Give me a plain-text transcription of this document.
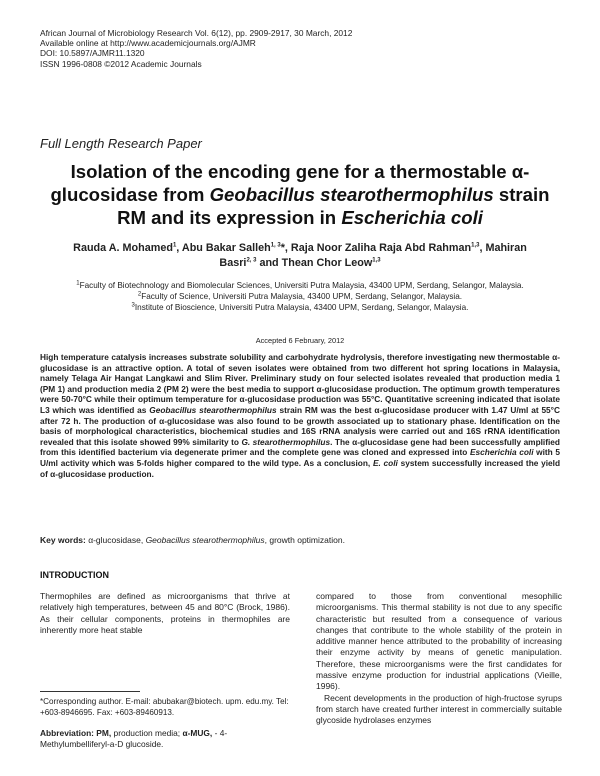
African Journal of Microbiology Research Vol. 6(12), pp. 2909-2917, 30 March, 2012
Available online at http://www.academicjournals.org/AJMR
DOI: 10.5897/AJMR11.1320
ISSN 1996-0808 ©2012 Academic Journals
Full Length Research Paper
Isolation of the encoding gene for a thermostable α-glucosidase from Geobacillus stearothermophilus strain RM and its expression in Escherichia coli
Rauda A. Mohamed$^1$, Abu Bakar Salleh$^{1, 3}$*, Raja Noor Zaliha Raja Abd Rahman$^{1,3}$, Mahiran Basri$^{2, 3}$ and Thean Chor Leow$^{1,3}$
$^1$Faculty of Biotechnology and Biomolecular Sciences, Universiti Putra Malaysia, 43400 UPM, Serdang, Selangor, Malaysia.
$^2$Faculty of Science, Universiti Putra Malaysia, 43400 UPM, Serdang, Selangor, Malaysia.
$^3$Institute of Bioscience, Universiti Putra Malaysia, 43400 UPM, Serdang, Selangor, Malaysia.
Accepted 6 February, 2012
High temperature catalysis increases substrate solubility and carbohydrate hydrolysis, therefore investigating new thermostable α-glucosidase is an attractive option. A total of seven isolates were obtained from two different hot spring locations in Malaysia, namely Telaga Air Hangat Langkawi and Slim River. Preliminary study on four selected isolates revealed that production media 1 (PM 1) and production media 2 (PM 2) were the best media to support α-glucosidase production. The optimum growth temperatures were 50-70°C while their optimum temperature for α-glucosidase production was 55°C. Quantitative screening indicated that isolate L3 which was identified as Geobacillus stearothermophilus strain RM was the best α-glucosidase producer with 1.47 U/ml at 55°C after 72 h. The production of α-glucosidase was also found to be growth associated up to stationary phase. Identification on the basis of morphological characteristics, biochemical studies and 16S rRNA analysis were carried out and 16S rRNA identification revealed that this isolate showed 99% similarity to G. stearothermophilus. The α-glucosidase gene had been successfully amplified from this identified bacterium via degenerate primer and the complete gene was cloned and expressed into Escherichia coli with 5 U/ml activity which was 5-folds higher compared to the wild type. As a conclusion, E. coli system successfully increased the yield of α-glucosidase production.
Key words: α-glucosidase, Geobacillus stearothermophilus, growth optimization.
INTRODUCTION
Thermophiles are defined as microorganisms that thrive at relatively high temperatures, between 45 and 80°C (Brock, 1986). As their cellular components, proteins in thermophiles are inherently more heat stable
compared to those from conventional mesophilic microorganisms. This thermal stability is not due to any specific characteristic but resulted from a consequence of various changes that contribute to the whole stability of the protein in additive manner hence attributed to the probability of increasing their enzyme activity by means of genetic manipulation. Therefore, these microorganisms were the first candidates for massive enzyme production for industrial applications (Vieille, 1996).
Recent developments in the production of high-fructose syrups from starch have created further interest in commercially suitable glycoside hydrolases enzymes
*Corresponding author. E-mail: abubakar@biotech. upm. edu.my. Tel: +603-8946695. Fax: +603-89460913.
Abbreviation: PM, production media; α-MUG, - 4-Methylumbelliferyl-a-D glucoside.
